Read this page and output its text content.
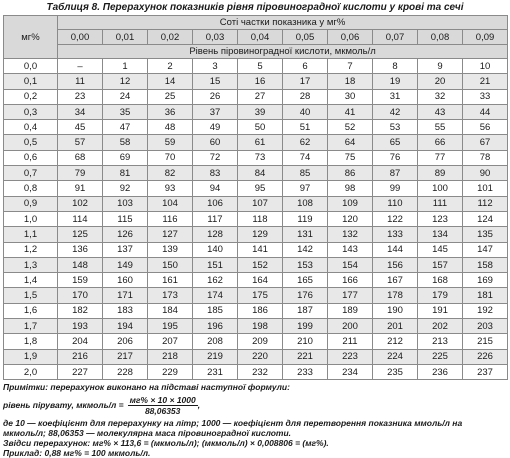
Таблиця 8. Перерахунок показників рівня піровиноградної кислоти у крові та сечі
мг%	Соті частки показника у мг%									
	0,00	0,01	0,02	0,03	0,04	0,05	0,06	0,07	0,08	0,09
	Рівень піровиноградної кислоти, мкмоль/л									
0,0	–	1	2	3	5	6	7	8	9	10
0,1	11	12	14	15	16	17	18	19	20	21
0,2	23	24	25	26	27	28	30	31	32	33
0,3	34	35	36	37	39	40	41	42	43	44
0,4	45	47	48	49	50	51	52	53	55	56
0,5	57	58	59	60	61	62	64	65	66	67
0,6	68	69	70	72	73	74	75	76	77	78
0,7	79	81	82	83	84	85	86	87	89	90
0,8	91	92	93	94	95	97	98	99	100	101
0,9	102	103	104	106	107	108	109	110	111	112
1,0	114	115	116	117	118	119	120	122	123	124
1,1	125	126	127	128	129	131	132	133	134	135
1,2	136	137	139	140	141	142	143	144	145	147
1,3	148	149	150	151	152	153	154	156	157	158
1,4	159	160	161	162	164	165	166	167	168	169
1,5	170	171	173	174	175	176	177	178	179	181
1,6	182	183	184	185	186	187	189	190	191	192
1,7	193	194	195	196	198	199	200	201	202	203
1,8	204	206	207	208	209	210	211	212	213	215
1,9	216	217	218	219	220	221	223	224	225	226
2,0	227	228	229	231	232	233	234	235	236	237
Примітки: перерахунок виконано на підставі наступної формули:
рівень пірувату, мкмоль/л = $\frac{мг\% \times 10 \times 1000}{88,06353}$ ,
де 10 — коефіцієнт для перерахунку на літр; 1000 — коефіцієнт для перетворення показника ммоль/л на
мкмоль/л; 88,06353 — молекулярна маса піровиноградної кислоти.
Звідси перерахунок: мг% × 113,6 = (мкмоль/л); (мкмоль/л) × 0,008806 = (мг%).
Приклад: 0,88 мг% = 100 мкмоль/л.
